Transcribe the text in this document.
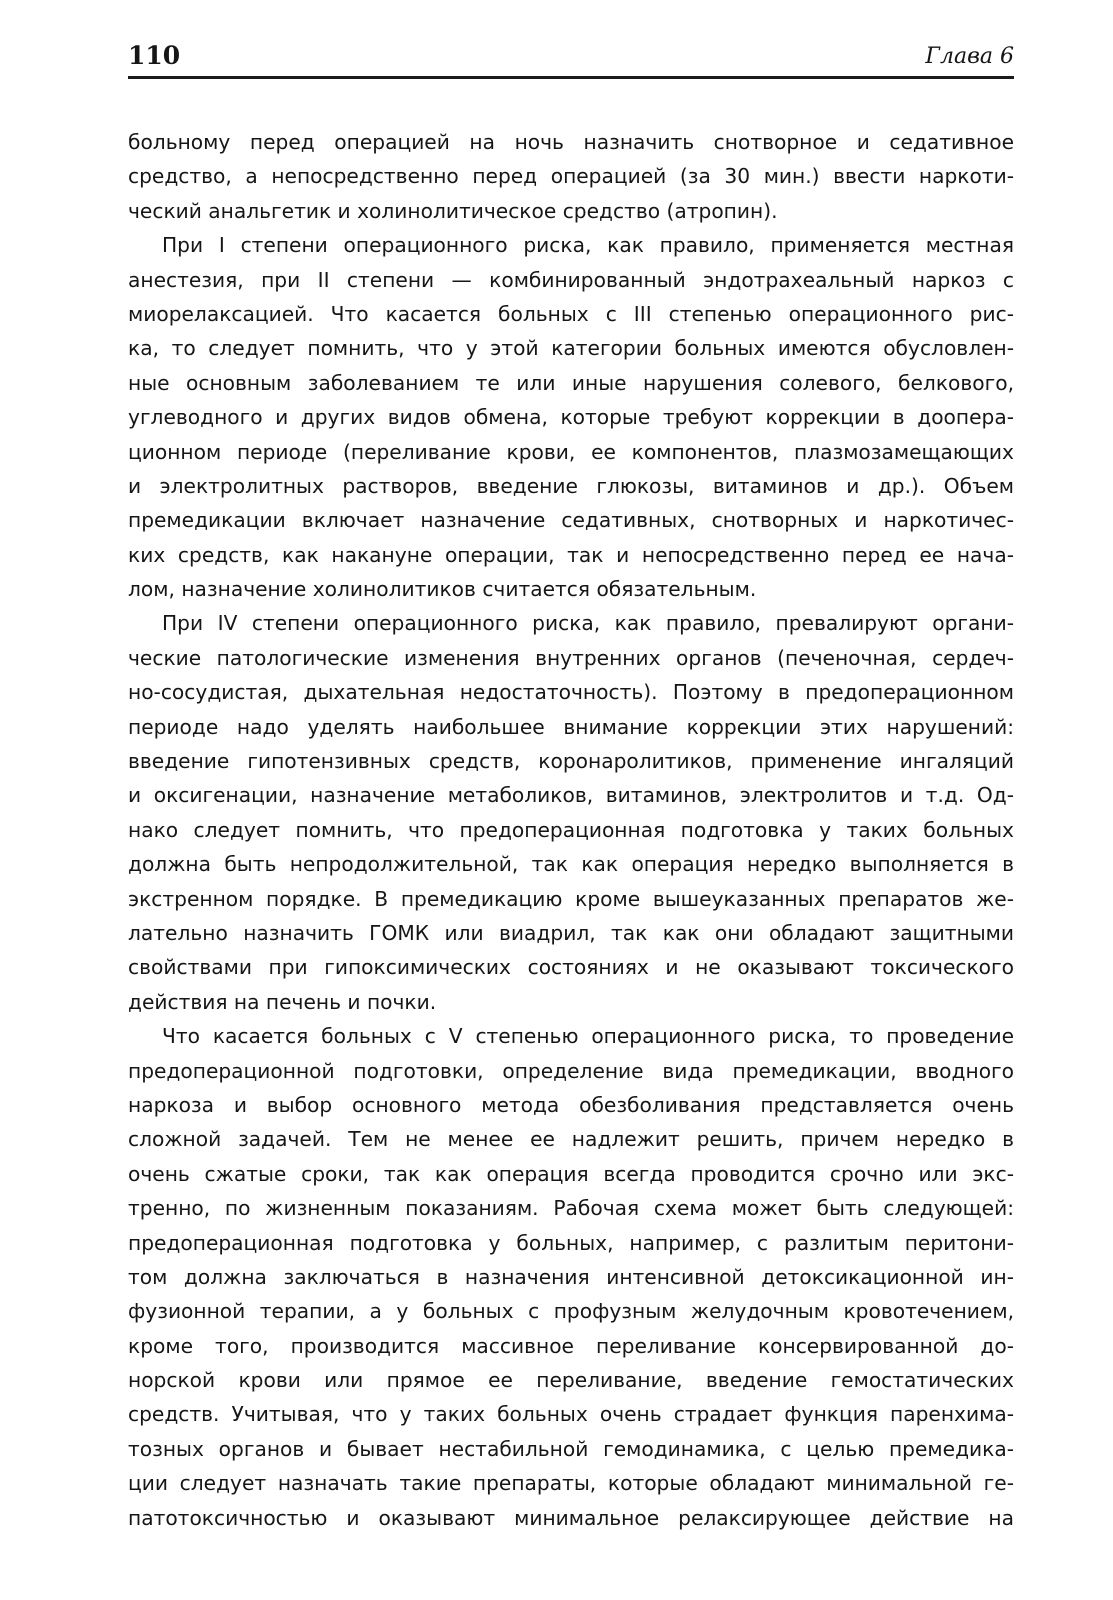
110	Глава 6
больному перед операцией на ночь назначить снотворное и седативное
средство, а непосредственно перед операцией (за 30 мин.) ввести наркоти-
ческий анальгетик и холинолитическое средство (атропин).
При I степени операционного риска, как правило, применяется местная
анестезия, при II степени — комбинированный эндотрахеальный наркоз с
миорелаксацией. Что касается больных с III степенью операционного рис-
ка, то следует помнить, что у этой категории больных имеются обусловлен-
ные основным заболеванием те или иные нарушения солевого, белкового,
углеводного и других видов обмена, которые требуют коррекции в доопера-
ционном периоде (переливание крови, ее компонентов, плазмозамещающих
и электролитных растворов, введение глюкозы, витаминов и др.). Объем
премедикации включает назначение седативных, снотворных и наркотичес-
ких средств, как накануне операции, так и непосредственно перед ее нача-
лом, назначение холинолитиков считается обязательным.
При IV степени операционного риска, как правило, превалируют органи-
ческие патологические изменения внутренних органов (печеночная, сердеч-
но-сосудистая, дыхательная недостаточность). Поэтому в предоперационном
периоде надо уделять наибольшее внимание коррекции этих нарушений:
введение гипотензивных средств, коронаролитиков, применение ингаляций
и оксигенации, назначение метаболиков, витаминов, электролитов и т.д. Од-
нако следует помнить, что предоперационная подготовка у таких больных
должна быть непродолжительной, так как операция нередко выполняется в
экстренном порядке. В премедикацию кроме вышеуказанных препаратов же-
лательно назначить ГОМК или виадрил, так как они обладают защитными
свойствами при гипоксимических состояниях и не оказывают токсического
действия на печень и почки.
Что касается больных с V степенью операционного риска, то проведение
предоперационной подготовки, определение вида премедикации, вводного
наркоза и выбор основного метода обезболивания представляется очень
сложной задачей. Тем не менее ее надлежит решить, причем нередко в
очень сжатые сроки, так как операция всегда проводится срочно или экс-
тренно, по жизненным показаниям. Рабочая схема может быть следующей:
предоперационная подготовка у больных, например, с разлитым перитони-
том должна заключаться в назначения интенсивной детоксикационной ин-
фузионной терапии, а у больных с профузным желудочным кровотечением,
кроме того, производится массивное переливание консервированной до-
норской крови или прямое ее переливание, введение гемостатических
средств. Учитывая, что у таких больных очень страдает функция паренхима-
тозных органов и бывает нестабильной гемодинамика, с целью премедика-
ции следует назначать такие препараты, которые обладают минимальной ге-
патотоксичностью и оказывают минимальное релаксирующее действие на
